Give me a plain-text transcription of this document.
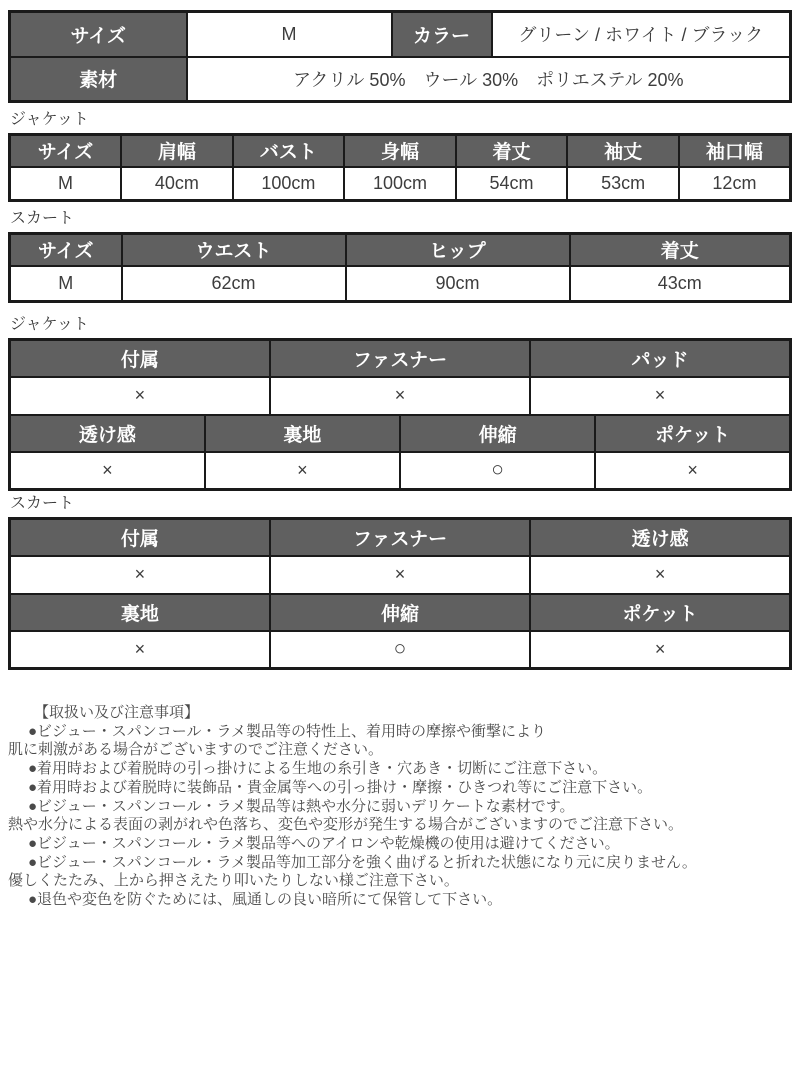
サイズ	M	カラー	グリーン / ホワイト / ブラック
素材	アクリル 50%　ウール 30%　ポリエステル 20%		
ジャケット
サイズ	肩幅	バスト	身幅	着丈	袖丈	袖口幅
M	40cm	100cm	100cm	54cm	53cm	12cm
スカート
サイズ	ウエスト	ヒップ	着丈
M	62cm	90cm	43cm
ジャケット
付属		ファスナー		パッド	
×		×		×	
透け感	裏地		伸縮		ポケット
×	×		○		×
スカート
付属	ファスナー	透け感
×	×	×
裏地	伸縮	ポケット
×	○	×
【取扱い及び注意事項】
●ビジュー・スパンコール・ラメ製品等の特性上、着用時の摩擦や衝撃により
肌に刺激がある場合がございますのでご注意ください。
●着用時および着脱時の引っ掛けによる生地の糸引き・穴あき・切断にご注意下さい。
●着用時および着脱時に装飾品・貴金属等への引っ掛け・摩擦・ひきつれ等にご注意下さい。
●ビジュー・スパンコール・ラメ製品等は熱や水分に弱いデリケートな素材です。
熱や水分による表面の剥がれや色落ち、変色や変形が発生する場合がございますのでご注意下さい。
●ビジュー・スパンコール・ラメ製品等へのアイロンや乾燥機の使用は避けてください。
●ビジュー・スパンコール・ラメ製品等加工部分を強く曲げると折れた状態になり元に戻りません。
優しくたたみ、上から押さえたり叩いたりしない様ご注意下さい。
●退色や変色を防ぐためには、風通しの良い暗所にて保管して下さい。
